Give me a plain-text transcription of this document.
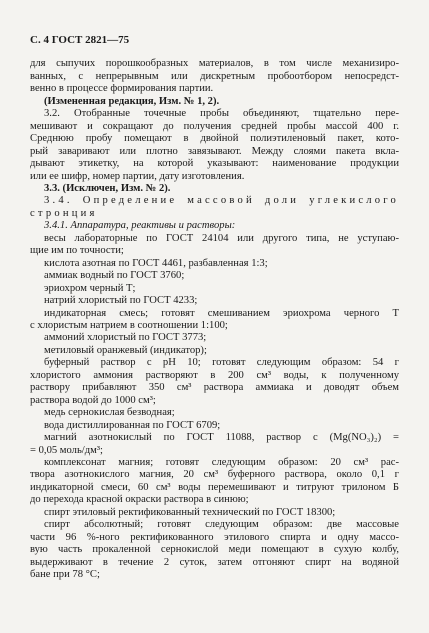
С. 4 ГОСТ 2821—75
для сыпучих порошкообразных материалов, в том числе механизиро-
ванных, с непрерывным или дискретным пробоотбором непосредст-
венно в процессе формирования партии.
(Измененная редакция, Изм. № 1, 2).
3.2. Отобранные точечные пробы объединяют, тщательно пере-
мешивают и сокращают до получения средней пробы массой 400 г.
Среднюю пробу помещают в двойной полиэтиленовый пакет, кото-
рый заваривают или плотно завязывают. Между слоями пакета вкла-
дывают этикетку, на которой указывают: наименование продукции
или ее шифр, номер партии, дату изготовления.
3.3. (Исключен, Изм. № 2).
3.4. Определение массовой доли углекислого
стронция
3.4.1. Аппаратура, реактивы и растворы:
весы лабораторные по ГОСТ 24104 или другого типа, не уступаю-
щие им по точности;
кислота азотная по ГОСТ 4461, разбавленная 1:3;
аммиак водный по ГОСТ 3760;
эриохром черный Т;
натрий хлористый по ГОСТ 4233;
индикаторная смесь; готовят смешиванием эриохрома черного Т
с хлористым натрием в соотношении 1:100;
аммоний хлористый по ГОСТ 3773;
метиловый оранжевый (индикатор);
буферный раствор с pH 10; готовят следующим образом: 54 г
хлористого аммония растворяют в 200 см³ воды, к полученному
раствору прибавляют 350 см³ раствора аммиака и доводят объем
раствора водой до 1000 см³;
медь сернокислая безводная;
вода дистиллированная по ГОСТ 6709;
магний азотнокислый по ГОСТ 11088, раствор с (Mg(NO₃)₂) =
= 0,05 моль/дм³;
комплексонат магния; готовят следующим образом: 20 см³ рас-
твора азотнокислого магния, 20 см³ буферного раствора, около 0,1 г
индикаторной смеси, 60 см³ воды перемешивают и титруют трилоном Б
до перехода красной окраски раствора в синюю;
спирт этиловый ректификованный технический по ГОСТ 18300;
спирт абсолютный; готовят следующим образом: две массовые
части 96 %-ного ректификованного этилового спирта и одну массо-
вую часть прокаленной сернокислой меди помещают в сухую колбу,
выдерживают в течение 2 суток, затем отгоняют спирт на водяной
бане при 78 °С;
